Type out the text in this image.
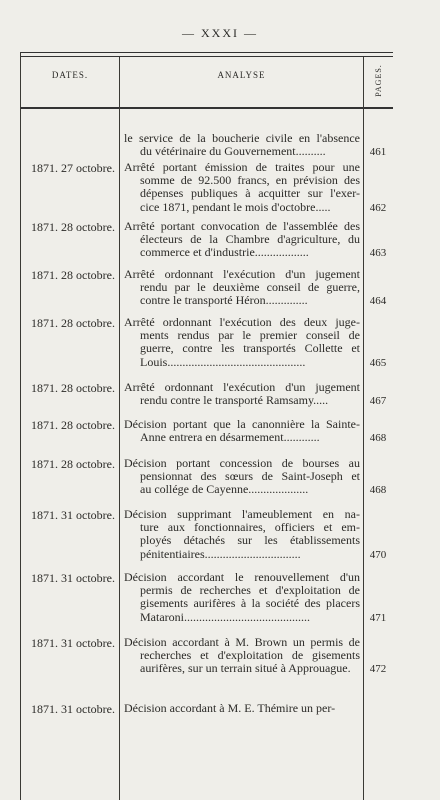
— XXXI —
DATES.	ANALYSE	PAGES.
le service de la boucherie civile en l'absence
du vétérinaire du Gouvernement..........	461
1871. 27 octobre. Arrêté portant émission de traites pour une
somme de 92.500 francs, en prévision des
dépenses publiques à acquitter sur l'exer-
cice 1871, pendant le mois d'octobre.....	462
1871. 28 octobre. Arrêté portant convocation de l'assemblée des
électeurs de la Chambre d'agriculture, du
commerce et d'industrie..................	463
1871. 28 octobre. Arrêté ordonnant l'exécution d'un jugement
rendu par le deuxième conseil de guerre,
contre le transporté Héron..............	464
1871. 28 octobre. Arrêté ordonnant l'exécution des deux juge-
ments rendus par le premier conseil de
guerre, contre les transportés Collette et
Louis..............................................	465
1871. 28 octobre. Arrêté ordonnant l'exécution d'un jugement
rendu contre le transporté Ramsamy.....	467
1871. 28 octobre. Décision portant que la canonnière la Sainte-
Anne entrera en désarmement............	468
1871. 28 octobre. Décision portant concession de bourses au
pensionnat des sœurs de Saint-Joseph et
au collége de Cayenne....................	468
1871. 31 octobre. Décision supprimant l'ameublement en na-
ture aux fonctionnaires, officiers et em-
ployés détachés sur les établissements
pénitentiaires................................	470
1871. 31 octobre. Décision accordant le renouvellement d'un
permis de recherches et d'exploitation de
gisements aurifères à la société des placers
Mataroni..........................................	471
1871. 31 octobre. Décision accordant à M. Brown un permis de
recherches et d'exploitation de gisements
aurifères, sur un terrain situé à Approuague.	472
1871. 31 octobre. Décision accordant à M. E. Thémire un per-
